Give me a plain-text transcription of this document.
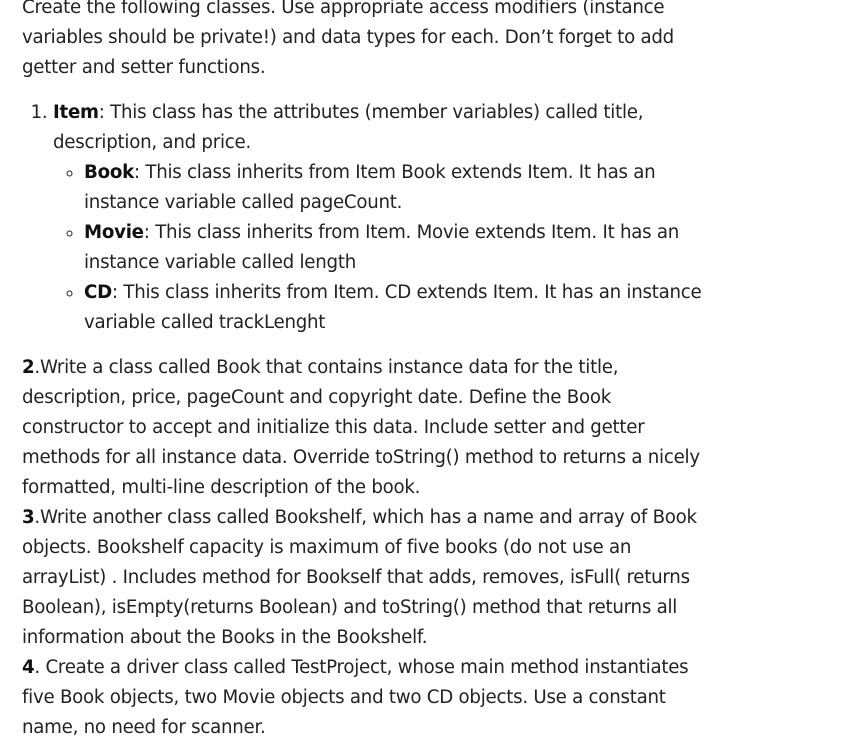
Create the following classes. Use appropriate access modifiers (instance variables should be private!) and data types for each. Don’t forget to add getter and setter functions.

1. Item: This class has the attributes (member variables) called title, description, and price.
◦ Book: This class inherits from Item Book extends Item. It has an instance variable called pageCount.
◦ Movie: This class inherits from Item. Movie extends Item. It has an instance variable called length
◦ CD: This class inherits from Item. CD extends Item. It has an instance variable called trackLenght

2.Write a class called Book that contains instance data for the title, description, price, pageCount and copyright date. Define the Book constructor to accept and initialize this data. Include setter and getter methods for all instance data. Override toString() method to returns a nicely formatted, multi-line description of the book.

3.Write another class called Bookshelf, which has a name and array of Book objects. Bookshelf capacity is maximum of five books (do not use an arrayList) . Includes method for Bookself that adds, removes, isFull( returns Boolean), isEmpty(returns Boolean) and toString() method that returns all information about the Books in the Bookshelf.

4. Create a driver class called TestProject, whose main method instantiates five Book objects, two Movie objects and two CD objects. Use a constant name, no need for scanner.
